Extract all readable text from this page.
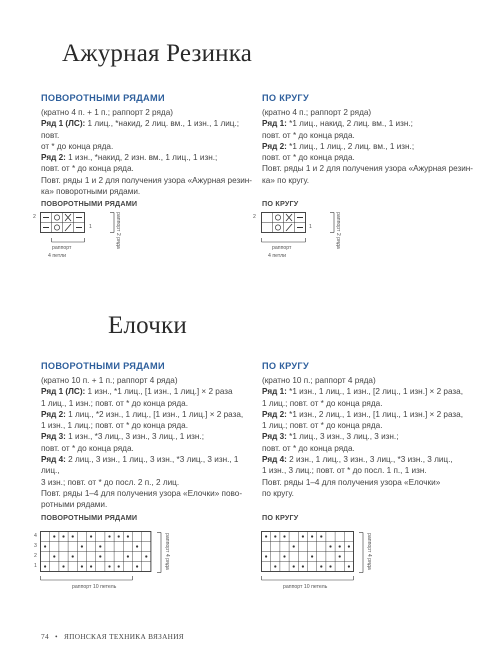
Ажурная Резинка
ПОВОРОТНЫМИ РЯДАМИ

(кратно 4 п. + 1 п.; раппорт 2 ряда)

Ряд 1 (ЛС): 1 лиц., *накид, 2 лиц. вм., 1 изн., 1 лиц.; повт.

от * до конца ряда.

Ряд 2: 1 изн., *накид, 2 изн. вм., 1 лиц., 1 изн.;

повт. от * до конца ряда.

Повт. ряды 1 и 2 для получения узора «Ажурная резин-

ка» поворотными рядами.

ПО КРУГУ

(кратно 4 п.; раппорт 2 ряда)

Ряд 1: *1 лиц., накид, 2 лиц. вм., 1 изн.;

повт. от * до конца ряда.

Ряд 2: *1 лиц., 1 лиц., 2 лиц. вм., 1 изн.;

повт. от * до конца ряда.

Повт. ряды 1 и 2 для получения узора «Ажурная резин-

ка» по кругу.

ПОВОРОТНЫМИ РЯДАМИ
2
1	раппорт 2 ряда
раппорт
4 петли
ПО КРУГУ
2
1	раппорт 2 ряда
раппорт
4 петли
Елочки
ПОВОРОТНЫМИ РЯДАМИ

(кратно 10 п. + 1 п.; раппорт 4 ряда)

Ряд 1 (ЛС): 1 изн., *1 лиц., [1 изн., 1 лиц.] × 2 раза

1 лиц., 1 изн.; повт. от * до конца ряда.

Ряд 2: 1 лиц., *2 изн., 1 лиц., [1 изн., 1 лиц.] × 2 раза,

1 изн., 1 лиц.; повт. от * до конца ряда.

Ряд 3: 1 изн., *3 лиц., 3 изн., 3 лиц., 1 изн.;

повт. от * до конца ряда.

Ряд 4: 2 лиц., 3 изн., 1 лиц., 3 изн., *3 лиц., 3 изн., 1 лиц.,

3 изн.; повт. от * до посл. 2 п., 2 лиц.

Повт. ряды 1–4 для получения узора «Елочки» пово-

ротными рядами.

ПО КРУГУ

(кратно 10 п.; раппорт 4 ряда)

Ряд 1: *1 изн., 1 лиц., 1 изн., [2 лиц., 1 изн.] × 2 раза,

1 лиц.; повт. от * до конца ряда.

Ряд 2: *1 изн., 2 лиц., 1 изн., [1 лиц., 1 изн.] × 2 раза,

1 лиц.; повт. от * до конца ряда.

Ряд 3: *1 лиц., 3 изн., 3 лиц., 3 изн.;

повт. от * до конца ряда.

Ряд 4: 2 изн., 1 лиц., 3 изн., 3 лиц., *3 изн., 3 лиц.,

1 изн., 3 лиц.; повт. от * до посл. 1 п., 1 изн.

Повт. ряды 1–4 для получения узора «Елочки»

по кругу.

ПОВОРОТНЫМИ РЯДАМИ
4
3
2
1	раппорт 4 ряда
раппорт 10 петель
ПО КРУГУ
раппорт 4 ряда
раппорт 10 петель
74 • ЯПОНСКАЯ ТЕХНИКА ВЯЗАНИЯ
